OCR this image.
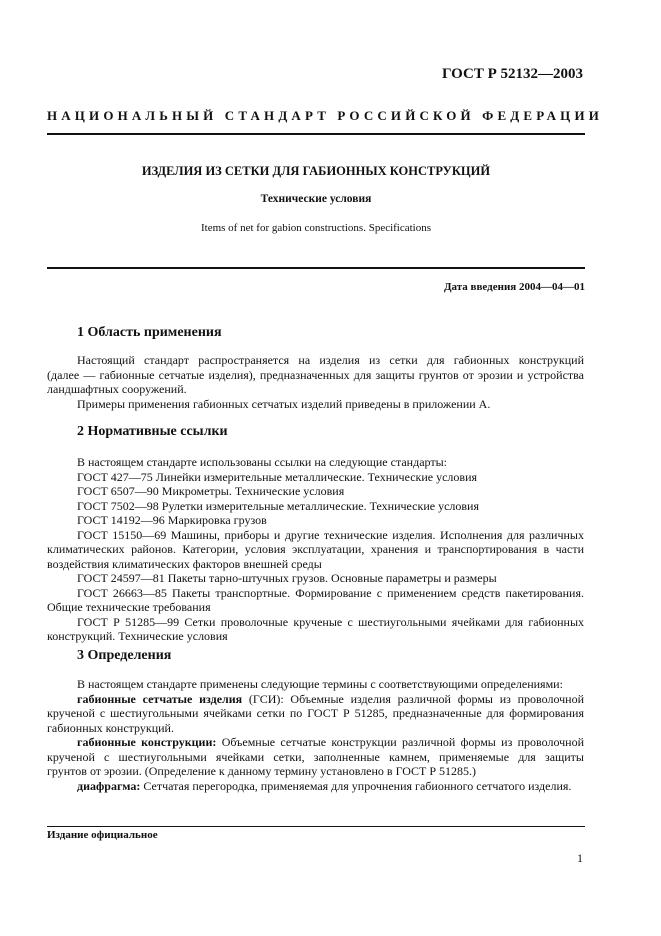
ГОСТ Р 52132—2003
НАЦИОНАЛЬНЫЙ СТАНДАРТ РОССИЙСКОЙ ФЕДЕРАЦИИ
ИЗДЕЛИЯ ИЗ СЕТКИ ДЛЯ ГАБИОННЫХ КОНСТРУКЦИЙ
Технические условия
Items of net for gabion constructions. Specifications
Дата введения 2004—04—01
1 Область применения
Настоящий стандарт распространяется на изделия из сетки для габионных конструкций
(далее — габионные сетчатые изделия), предназначенных для защиты грунтов от эрозии и устройства
ландшафтных сооружений.
Примеры применения габионных сетчатых изделий приведены в приложении А.
2 Нормативные ссылки
В настоящем стандарте использованы ссылки на следующие стандарты:
ГОСТ 427—75 Линейки измерительные металлические. Технические условия
ГОСТ 6507—90 Микрометры. Технические условия
ГОСТ 7502—98 Рулетки измерительные металлические. Технические условия
ГОСТ 14192—96 Маркировка грузов
ГОСТ 15150—69 Машины, приборы и другие технические изделия. Исполнения для различных
климатических районов. Категории, условия эксплуатации, хранения и транспортирования в части
воздействия климатических факторов внешней среды
ГОСТ 24597—81 Пакеты тарно-штучных грузов. Основные параметры и размеры
ГОСТ 26663—85 Пакеты транспортные. Формирование с применением средств пакетирования.
Общие технические требования
ГОСТ Р 51285—99 Сетки проволочные крученые с шестиугольными ячейками для габионных
конструкций. Технические условия
3 Определения
В настоящем стандарте применены следующие термины с соответствующими определениями:
габионные сетчатые изделия (ГСИ): Объемные изделия различной формы из проволочной
крученой с шестиугольными ячейками сетки по ГОСТ Р 51285, предназначенные для формирования
габионных конструкций.
габионные конструкции: Объемные сетчатые конструкции различной формы из проволочной
крученой с шестиугольными ячейками сетки, заполненные камнем, применяемые для защиты
грунтов от эрозии. (Определение к данному термину установлено в ГОСТ Р 51285.)
диафрагма: Сетчатая перегородка, применяемая для упрочнения габионного сетчатого изделия.
Издание официальное
1
